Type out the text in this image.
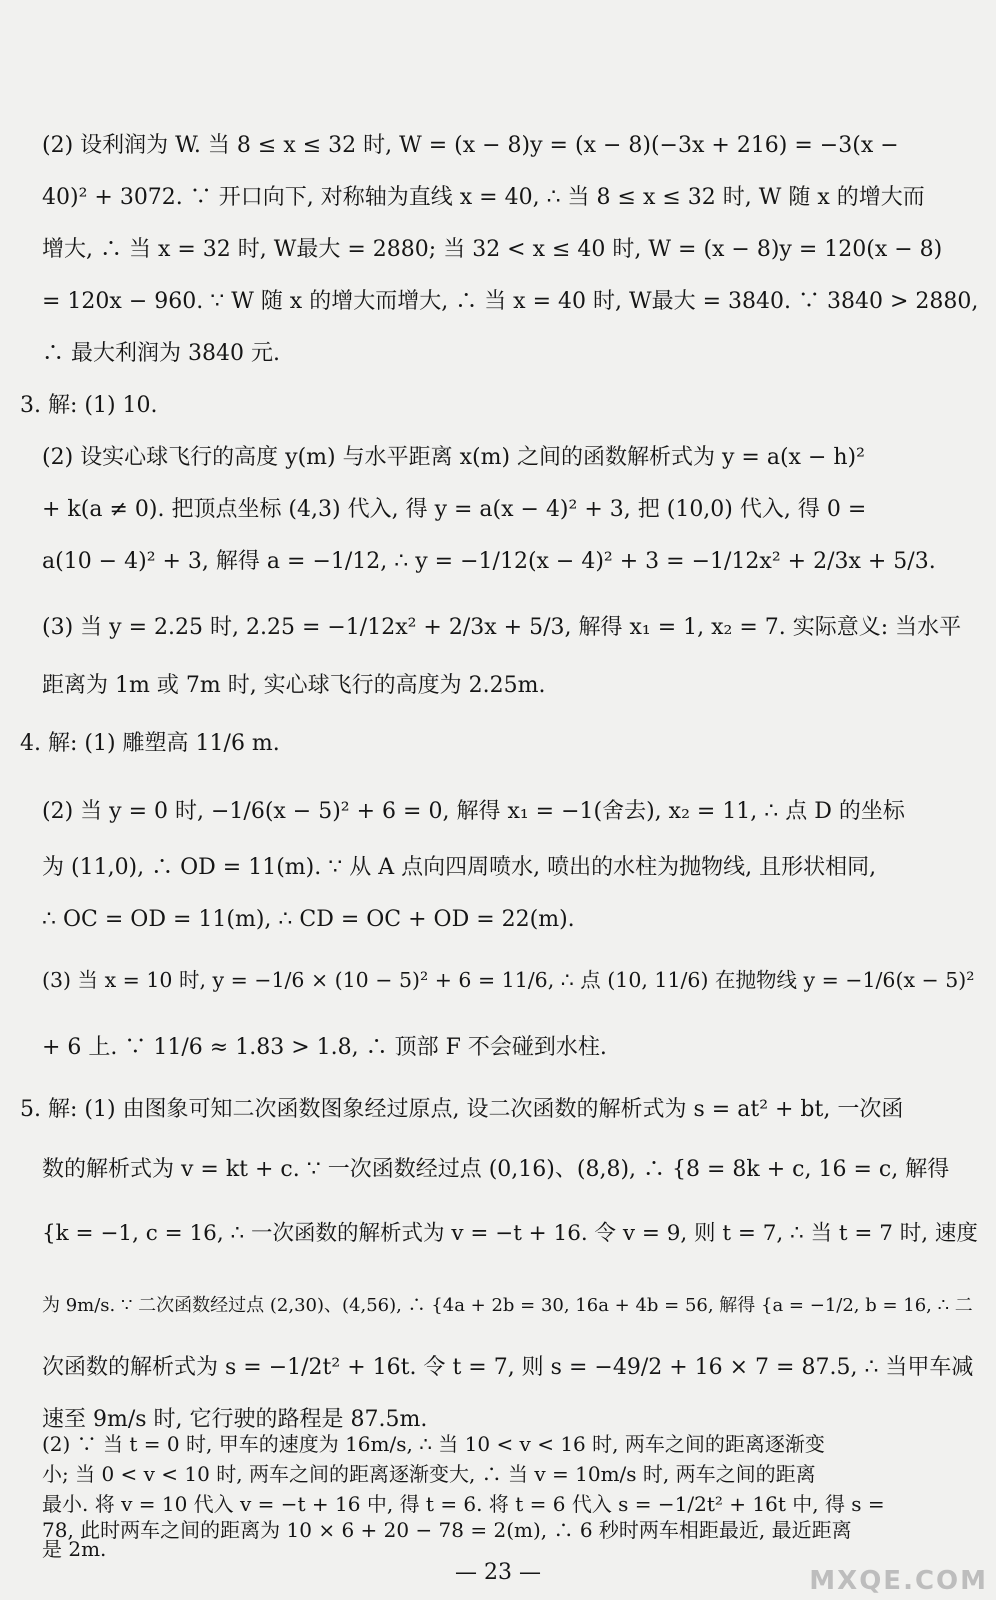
(2) 设利润为 W. 当 8 ≤ x ≤ 32 时, W = (x − 8)y = (x − 8)(−3x + 216) = −3(x −
40)² + 3072. ∵ 开口向下, 对称轴为直线 x = 40, ∴ 当 8 ≤ x ≤ 32 时, W 随 x 的增大而
增大, ∴ 当 x = 32 时, W最大 = 2880; 当 32 < x ≤ 40 时, W = (x − 8)y = 120(x − 8)
= 120x − 960. ∵ W 随 x 的增大而增大, ∴ 当 x = 40 时, W最大 = 3840. ∵ 3840 > 2880,
∴ 最大利润为 3840 元.
3. 解: (1) 10.
(2) 设实心球飞行的高度 y(m) 与水平距离 x(m) 之间的函数解析式为 y = a(x − h)²
+ k(a ≠ 0). 把顶点坐标 (4,3) 代入, 得 y = a(x − 4)² + 3, 把 (10,0) 代入, 得 0 =
a(10 − 4)² + 3, 解得 a = −1/12, ∴ y = −1/12(x − 4)² + 3 = −1/12x² + 2/3x + 5/3.
(3) 当 y = 2.25 时, 2.25 = −1/12x² + 2/3x + 5/3, 解得 x₁ = 1, x₂ = 7. 实际意义: 当水平
距离为 1m 或 7m 时, 实心球飞行的高度为 2.25m.
4. 解: (1) 雕塑高 11/6 m.
(2) 当 y = 0 时, −1/6(x − 5)² + 6 = 0, 解得 x₁ = −1(舍去), x₂ = 11, ∴ 点 D 的坐标
为 (11,0), ∴ OD = 11(m). ∵ 从 A 点向四周喷水, 喷出的水柱为抛物线, 且形状相同,
∴ OC = OD = 11(m), ∴ CD = OC + OD = 22(m).
(3) 当 x = 10 时, y = −1/6 × (10 − 5)² + 6 = 11/6, ∴ 点 (10, 11/6) 在抛物线 y = −1/6(x − 5)²
+ 6 上. ∵ 11/6 ≈ 1.83 > 1.8, ∴ 顶部 F 不会碰到水柱.
5. 解: (1) 由图象可知二次函数图象经过原点, 设二次函数的解析式为 s = at² + bt, 一次函
数的解析式为 v = kt + c. ∵ 一次函数经过点 (0,16)、(8,8), ∴ {8 = 8k + c, 16 = c, 解得
{k = −1, c = 16, ∴ 一次函数的解析式为 v = −t + 16. 令 v = 9, 则 t = 7, ∴ 当 t = 7 时, 速度
为 9m/s. ∵ 二次函数经过点 (2,30)、(4,56), ∴ {4a + 2b = 30, 16a + 4b = 56, 解得 {a = −1/2, b = 16, ∴ 二
次函数的解析式为 s = −1/2t² + 16t. 令 t = 7, 则 s = −49/2 + 16 × 7 = 87.5, ∴ 当甲车减
速至 9m/s 时, 它行驶的路程是 87.5m.
(2) ∵ 当 t = 0 时, 甲车的速度为 16m/s, ∴ 当 10 < v < 16 时, 两车之间的距离逐渐变
小; 当 0 < v < 10 时, 两车之间的距离逐渐变大, ∴ 当 v = 10m/s 时, 两车之间的距离
最小. 将 v = 10 代入 v = −t + 16 中, 得 t = 6. 将 t = 6 代入 s = −1/2t² + 16t 中, 得 s =
78, 此时两车之间的距离为 10 × 6 + 20 − 78 = 2(m), ∴ 6 秒时两车相距最近, 最近距离
是 2m.
— 23 —	MXQE.COM
